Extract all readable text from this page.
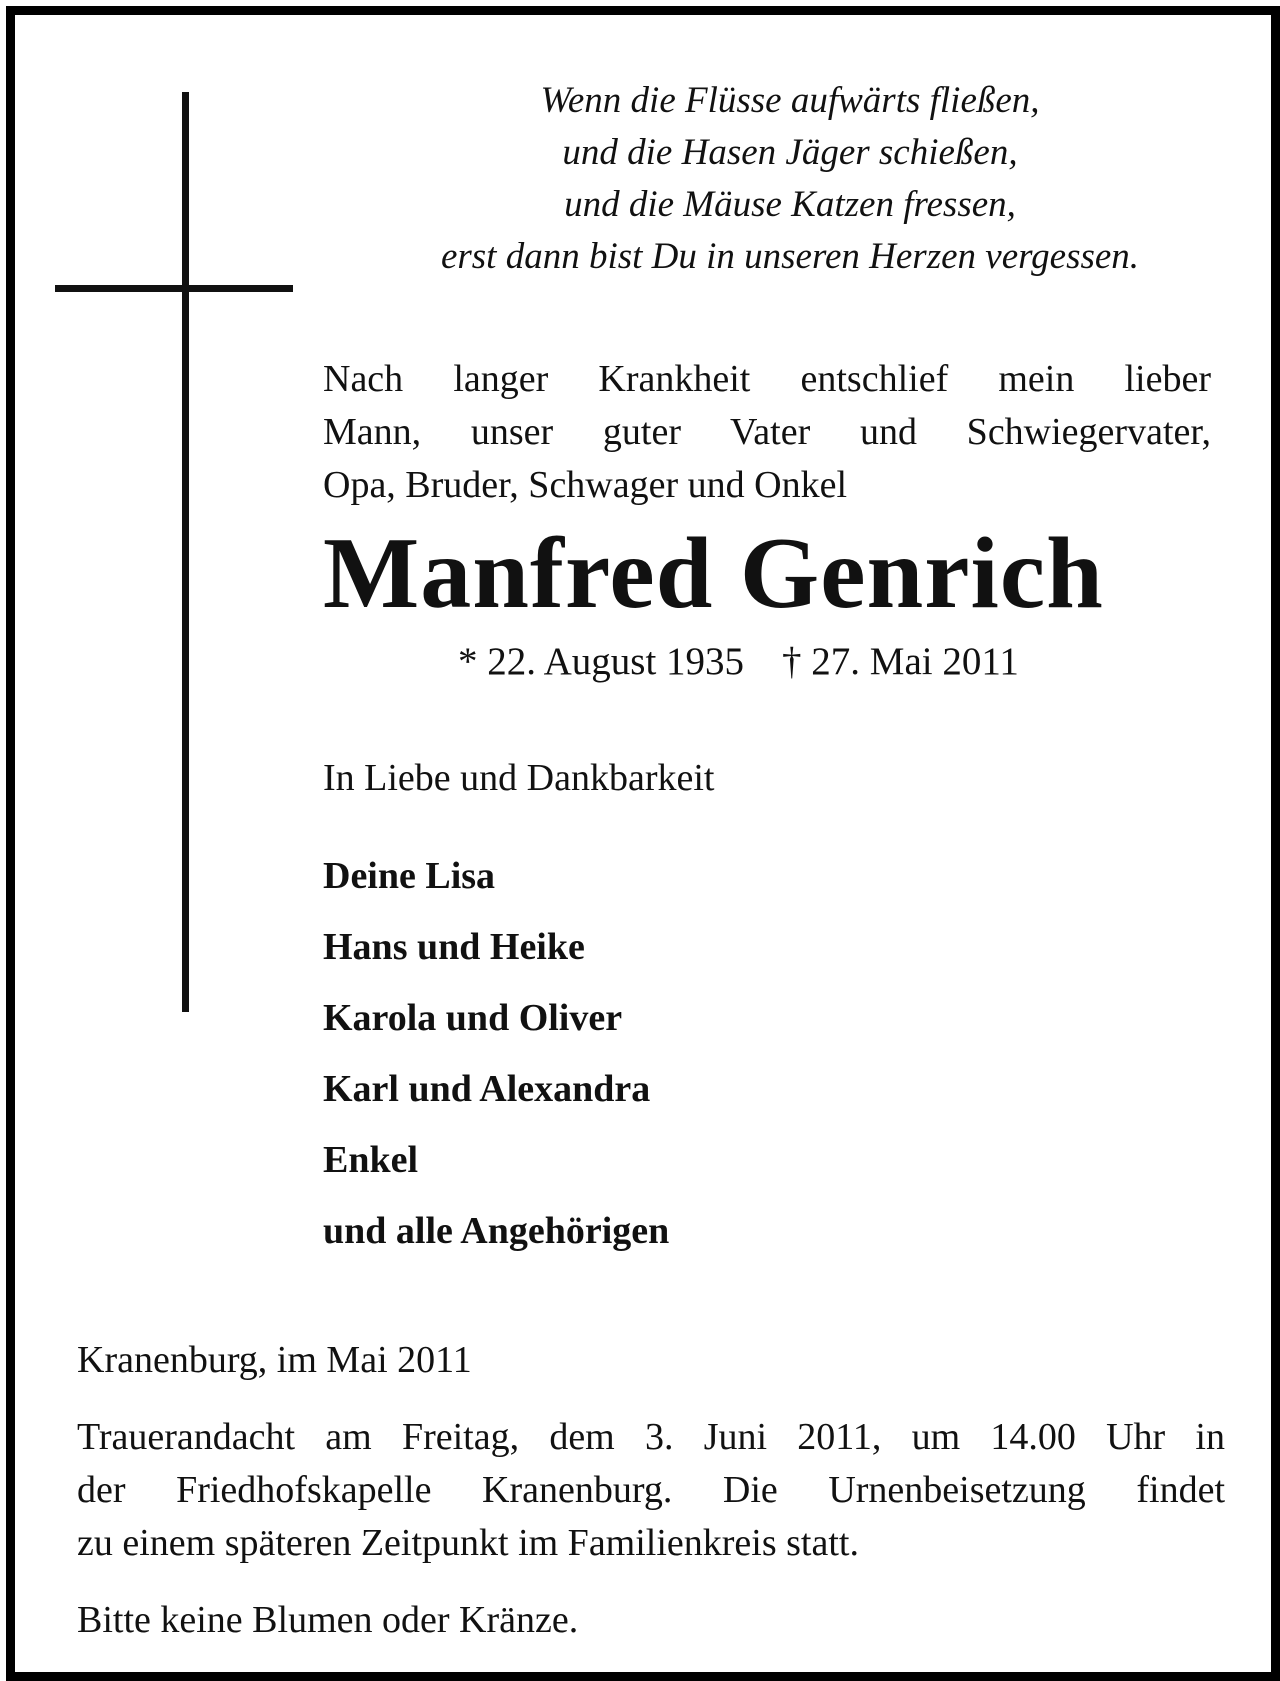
Wenn die Flüsse aufwärts fließen,
und die Hasen Jäger schießen,
und die Mäuse Katzen fressen,
erst dann bist Du in unseren Herzen vergessen.
Nach langer Krankheit entschlief mein lieber
Mann, unser guter Vater und Schwiegervater,
Opa, Bruder, Schwager und Onkel
Manfred Genrich
* 22. August 1935 † 27. Mai 2011
In Liebe und Dankbarkeit
Deine Lisa
Hans und Heike
Karola und Oliver
Karl und Alexandra
Enkel
und alle Angehörigen
Kranenburg, im Mai 2011
Trauerandacht am Freitag, dem 3. Juni 2011, um 14.00 Uhr in
der Friedhofskapelle Kranenburg. Die Urnenbeisetzung findet
zu einem späteren Zeitpunkt im Familienkreis statt.
Bitte keine Blumen oder Kränze.
